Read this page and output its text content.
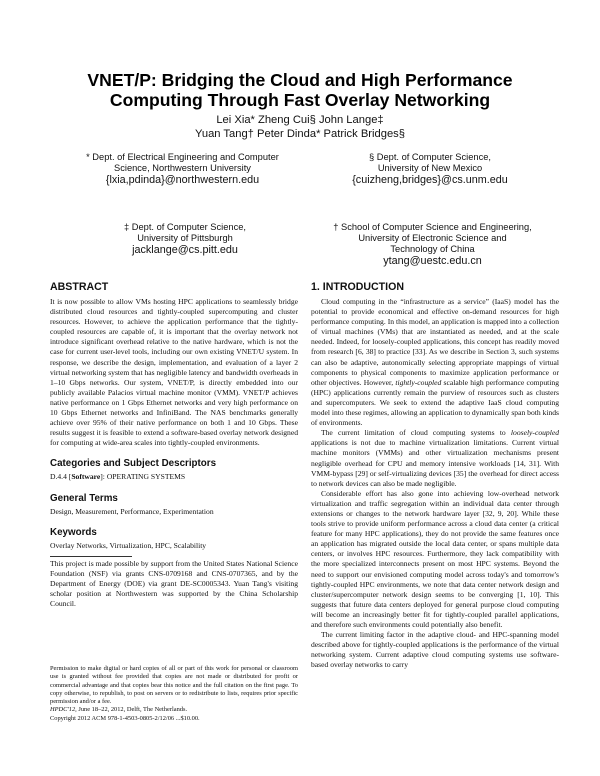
VNET/P: Bridging the Cloud and High Performance
Computing Through Fast Overlay Networking
Lei Xia* Zheng Cui§ John Lange‡
Yuan Tang† Peter Dinda* Patrick Bridges§
* Dept. of Electrical Engineering and Computer
Science, Northwestern University
{lxia,pdinda}@northwestern.edu
§ Dept. of Computer Science,
University of New Mexico
{cuizheng,bridges}@cs.unm.edu
‡ Dept. of Computer Science,
University of Pittsburgh
jacklange@cs.pitt.edu
† School of Computer Science and Engineering,
University of Electronic Science and
Technology of China
ytang@uestc.edu.cn
ABSTRACT

It is now possible to allow VMs hosting HPC applications to seamlessly bridge distributed cloud resources and tightly-coupled supercomputing and cluster resources. However, to achieve the application performance that the tightly-coupled resources are capable of, it is important that the overlay network not introduce significant overhead relative to the native hardware, which is not the case for current user-level tools, including our own existing VNET/U system. In response, we describe the design, implementation, and evaluation of a layer 2 virtual networking system that has negligible latency and bandwidth overheads in 1–10 Gbps networks. Our system, VNET/P, is directly embedded into our publicly available Palacios virtual machine monitor (VMM). VNET/P achieves native performance on 1 Gbps Ethernet networks and very high performance on 10 Gbps Ethernet networks and InfiniBand. The NAS benchmarks generally achieve over 95% of their native performance on both 1 and 10 Gbps. These results suggest it is feasible to extend a software-based overlay network designed for computing at wide-area scales into tightly-coupled environments.

Categories and Subject Descriptors

D.4.4 [Software]: OPERATING SYSTEMS

General Terms

Design, Measurement, Performance, Experimentation

Keywords

Overlay Networks, Virtualization, HPC, Scalability

This project is made possible by support from the United States National Science Foundation (NSF) via grants CNS-0709168 and CNS-0707365, and by the Department of Energy (DOE) via grant DE-SC0005343. Yuan Tang's visiting scholar position at Northwestern was supported by the China Scholarship Council.

Permission to make digital or hard copies of all or part of this work for personal or classroom use is granted without fee provided that copies are not made or distributed for profit or commercial advantage and that copies bear this notice and the full citation on the first page. To copy otherwise, to republish, to post on servers or to redistribute to lists, requires prior specific permission and/or a fee.

HPDC'12, June 18–22, 2012, Delft, The Netherlands.

Copyright 2012 ACM 978-1-4503-0805-2/12/06 ...$10.00.

1. INTRODUCTION

Cloud computing in the “infrastructure as a service” (IaaS) model has the potential to provide economical and effective on-demand resources for high performance computing. In this model, an application is mapped into a collection of virtual machines (VMs) that are instantiated as needed, and at the scale needed. Indeed, for loosely-coupled applications, this concept has readily moved from research [6, 38] to practice [33]. As we describe in Section 3, such systems can also be adaptive, autonomically selecting appropriate mappings of virtual components to physical components to maximize application performance or other objectives. However, tightly-coupled scalable high performance computing (HPC) applications currently remain the purview of resources such as clusters and supercomputers. We seek to extend the adaptive IaaS cloud computing model into these regimes, allowing an application to dynamically span both kinds of environments.

The current limitation of cloud computing systems to loosely-coupled applications is not due to machine virtualization limitations. Current virtual machine monitors (VMMs) and other virtualization mechanisms present negligible overhead for CPU and memory intensive workloads [14, 31]. With VMM-bypass [29] or self-virtualizing devices [35] the overhead for direct access to network devices can also be made negligible.

Considerable effort has also gone into achieving low-overhead network virtualization and traffic segregation within an individual data center through extensions or changes to the network hardware layer [32, 9, 20]. While these tools strive to provide uniform performance across a cloud data center (a critical feature for many HPC applications), they do not provide the same features once an application has migrated outside the local data center, or spans multiple data centers, or involves HPC resources. Furthermore, they lack compatibility with the more specialized interconnects present on most HPC systems. Beyond the need to support our envisioned computing model across today's and tomorrow's tightly-coupled HPC environments, we note that data center network design and cluster/supercomputer network design seems to be converging [1, 10]. This suggests that future data centers deployed for general purpose cloud computing will become an increasingly better fit for tightly-coupled parallel applications, and therefore such environments could potentially also benefit.

The current limiting factor in the adaptive cloud- and HPC-spanning model described above for tightly-coupled applications is the performance of the virtual networking system. Current adaptive cloud computing systems use software-based overlay networks to carry
